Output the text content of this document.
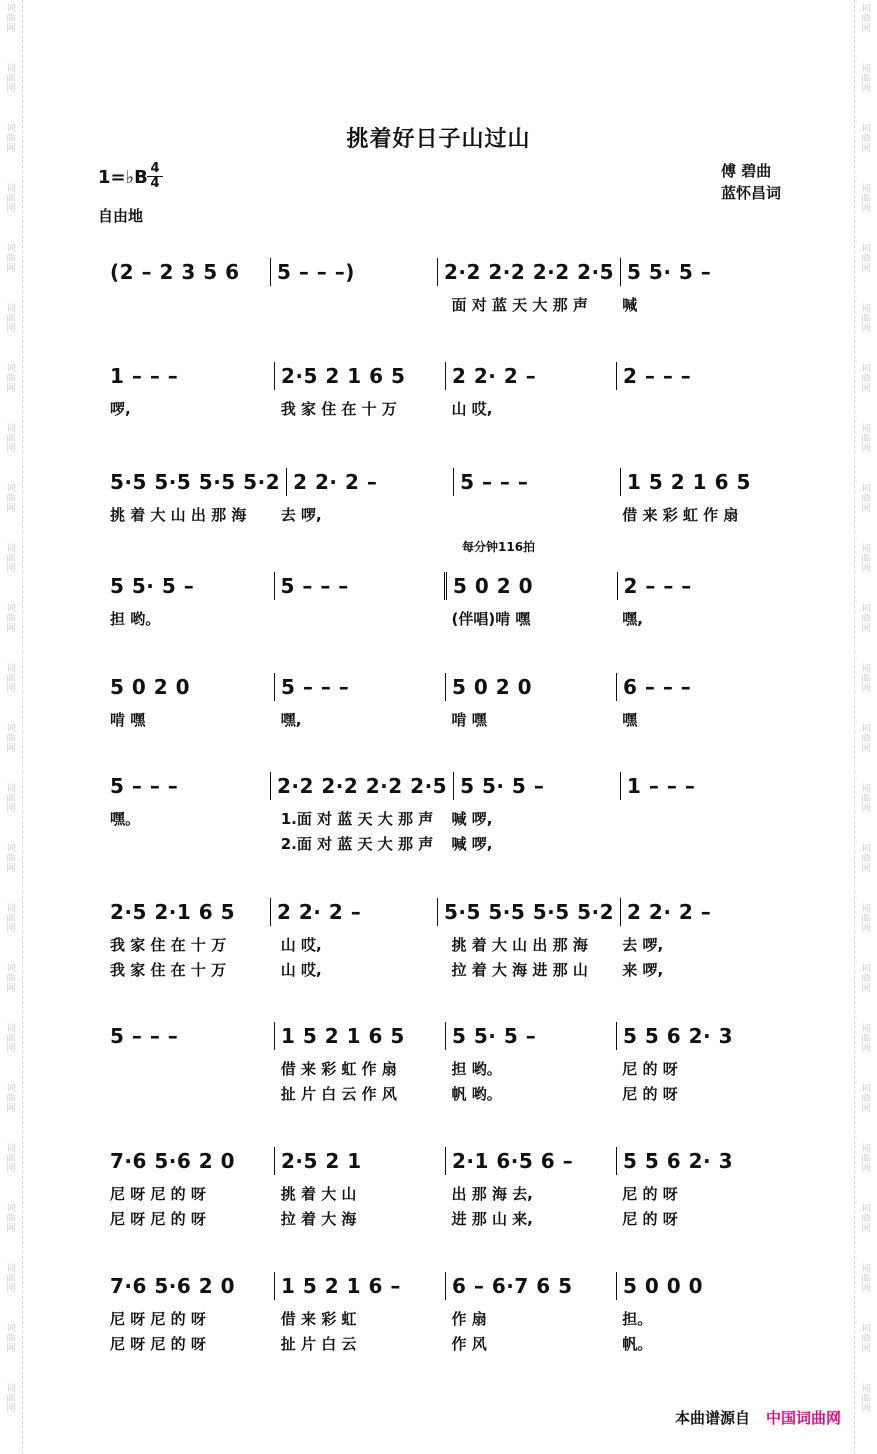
词
曲
网
词
曲
网
词
曲
网
词
曲
网
词
曲
网
词
曲
网
词
曲
网
词
曲
网
词
曲
网
词
曲
网
词
曲
网
词
曲
网
词
曲
网
词
曲
网
词
曲
网
词
曲
网
词
曲
网
词
曲
网
词
曲
网
词
曲
网
词
曲
网
词
曲
网
词
曲
网
词
曲
网
词
曲
网
词
曲
网
词
曲
网
词
曲
网
词
曲
网
词
曲
网
词
曲
网
词
曲
网
词
曲
网
词
曲
网
词
曲
网
词
曲
网
词
曲
网
词
曲
网
词
曲
网
词
曲
网
词
曲
网
词
曲
网
词
曲
网
词
曲
网
词
曲
网
词
曲
网
词
曲
网
词
曲
网
挑着好日子山过山
1=♭B $\frac{4}{4}$
自由地
傅 碧曲
蓝怀昌词
(2 – 2 3 5 6	5 – – –)	2·2 2·2 2·2 2·5 5 5· 5 –
面 对 蓝 天 大 那 声	喊
1 – – –	2·5 2 1 6 5	2 2· 2 –	2 – – –
啰,	我 家 住 在 十 万	山 哎,
5·5 5·5 5·5 5·2 2 2· 2 –	5 – – –	1 5 2 1 6 5
挑 着 大 山 出 那 海	去 啰,	借 来 彩 虹 作 扇
5 5· 5 –	5 – – –	5 0 2 0	2 – – –
担 哟。	(伴唱)啃 嘿	嘿,
每分钟116拍
5 0 2 0	5 – – –	5 0 2 0	6 – – –
啃 嘿	嘿,	啃 嘿	嘿
5 – – –	2·2 2·2 2·2 2·5 5 5· 5 –	1 – – –
嘿。	1.面 对 蓝 天 大 那 声	喊 啰,
2.面 对 蓝 天 大 那 声	喊 啰,
2·5 2·1 6 5	2 2· 2 –	5·5 5·5 5·5 5·2 2 2· 2 –
我 家 住 在 十 万	山 哎,	挑 着 大 山 出 那 海	去 啰,
我 家 住 在 十 万	山 哎,	拉 着 大 海 进 那 山	来 啰,
5 – – –	1 5 2 1 6 5	5 5· 5 –	5 5 6 2· 3
借 来 彩 虹 作 扇	担 哟。	尼 的 呀
扯 片 白 云 作 风	帆 哟。	尼 的 呀
7·6 5·6 2 0	2·5 2 1	2·1 6·5 6 –	5 5 6 2· 3
尼 呀 尼 的 呀	挑 着 大 山	出 那 海 去,	尼 的 呀
尼 呀 尼 的 呀	拉 着 大 海	进 那 山 来,	尼 的 呀
7·6 5·6 2 0	1 5 2 1 6 –	6 – 6·7 6 5	5 0 0 0
尼 呀 尼 的 呀	借 来 彩 虹	作 扇	担。
尼 呀 尼 的 呀	扯 片 白 云	作 风	帆。
本曲谱源自 中国词曲网
